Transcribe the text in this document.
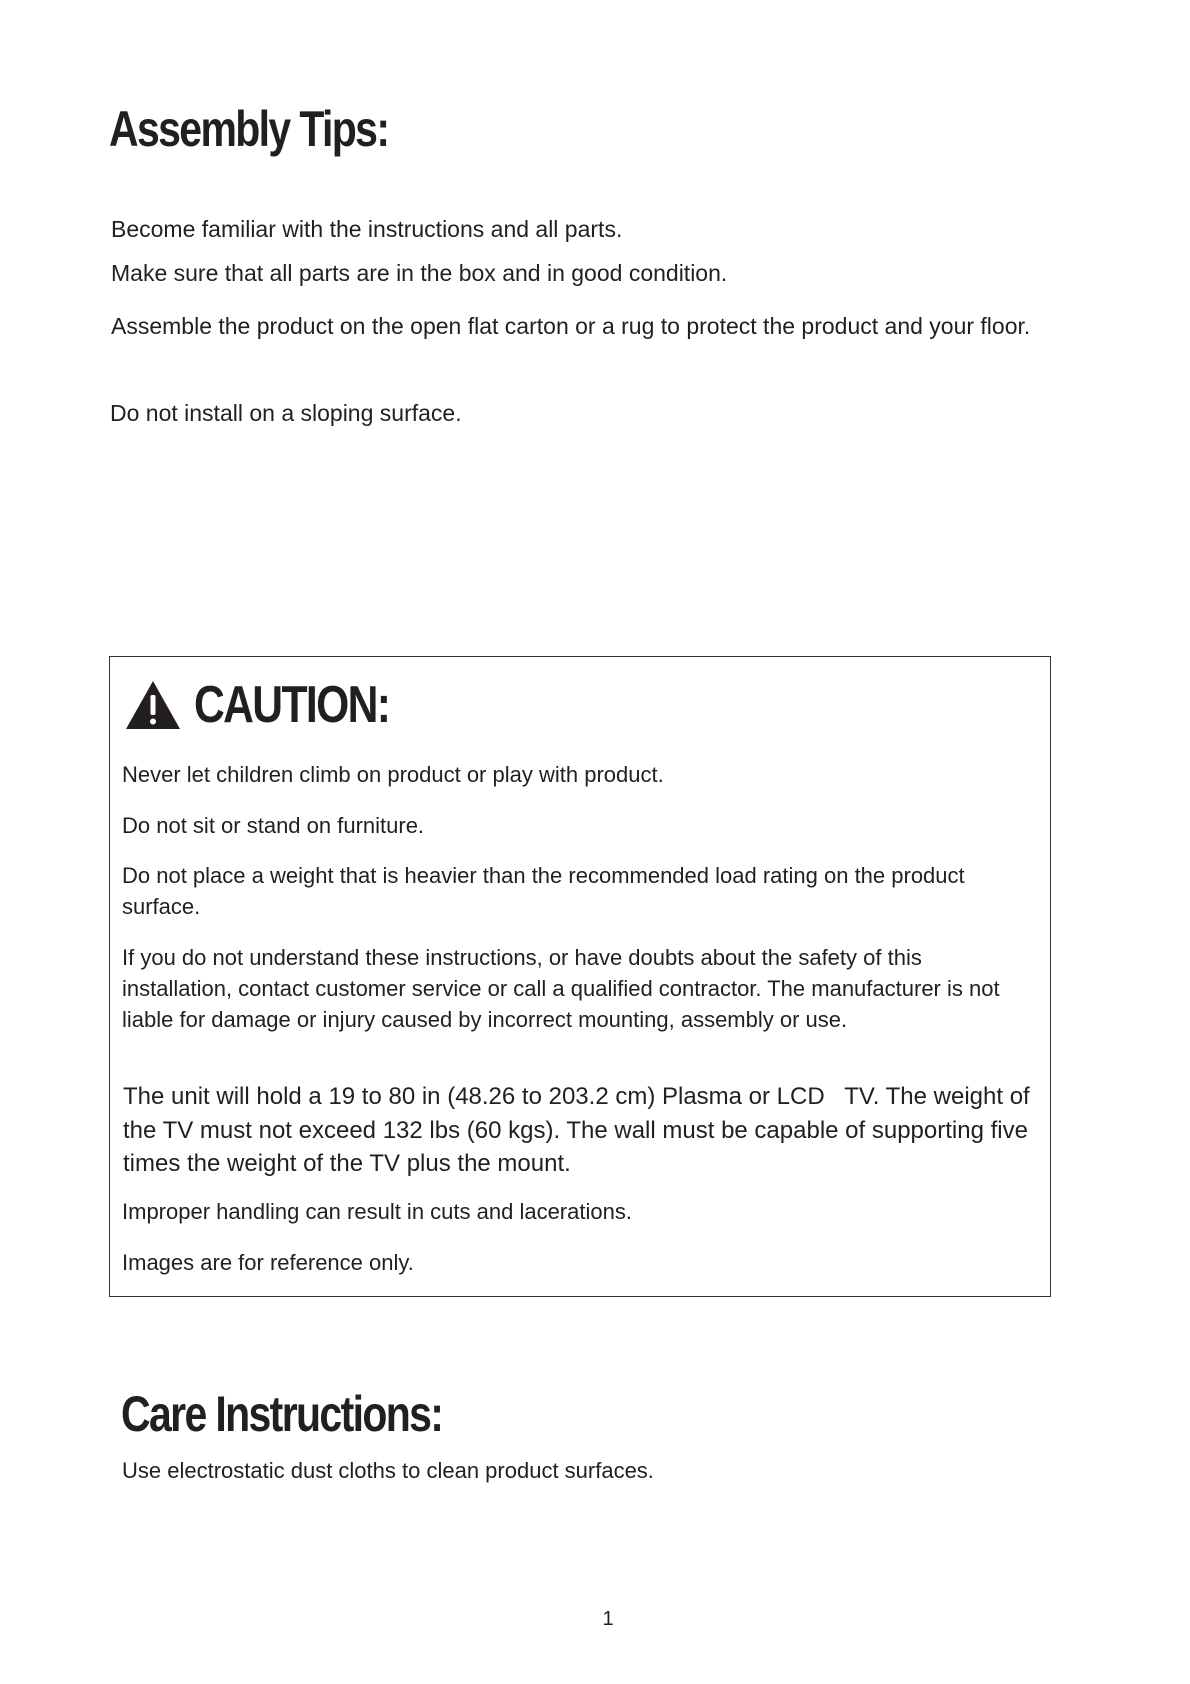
Assembly Tips:

Become familiar with the instructions and all parts.

Make sure that all parts are in the box and in good condition.

Assemble the product on the open flat carton or a rug to protect the product and your floor.

Do not install on a sloping surface.

CAUTION:

Never let children climb on product or play with product.

Do not sit or stand on furniture.

Do not place a weight that is heavier than the recommended load rating on the product surface.

If you do not understand these instructions, or have doubts about the safety of this installation, contact customer service or call a qualified contractor. The manufacturer is not liable for damage or injury caused by incorrect mounting, assembly or use.

The unit will hold a 19 to 80 in (48.26 to 203.2 cm) Plasma or LCD   TV. The weight of the TV must not exceed 132 lbs (60 kgs). The wall must be capable of supporting five times the weight of the TV plus the mount.

Improper handling can result in cuts and lacerations.

Images are for reference only.

Care Instructions:

Use electrostatic dust cloths to clean product surfaces.

1
